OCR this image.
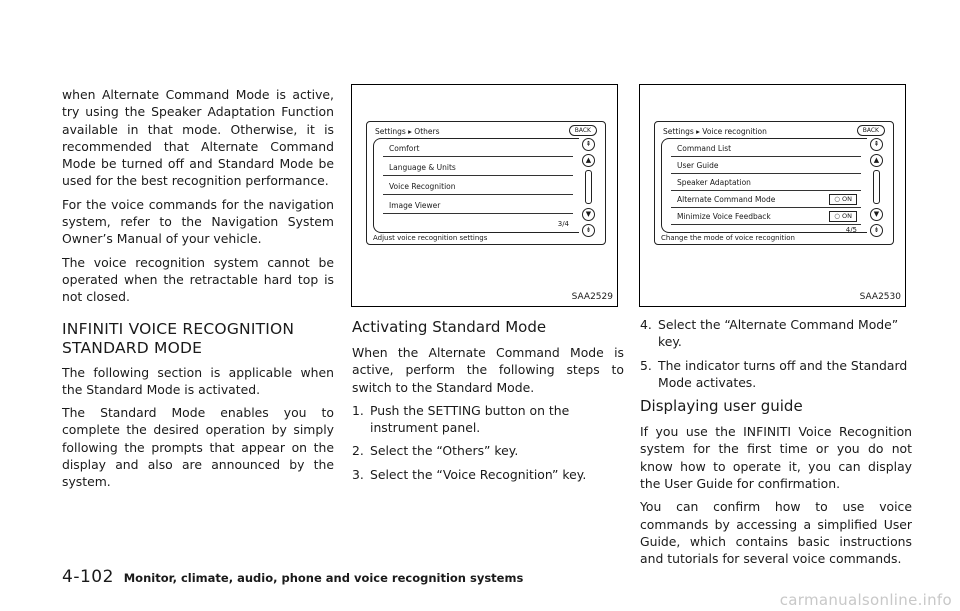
when Alternate Command Mode is active, try using the Speaker Adaptation Function available in that mode. Otherwise, it is recommended that Alternate Command Mode be turned off and Standard Mode be used for the best recognition performance.

For the voice commands for the navigation system, refer to the Navigation System Owner’s Manual of your vehicle.

The voice recognition system cannot be operated when the retractable hard top is not closed.

INFINITI VOICE RECOGNITION STANDARD MODE

The following section is applicable when the Standard Mode is activated.

The Standard Mode enables you to complete the desired operation by simply following the prompts that appear on the display and also are announced by the system.

Settings ▸ Others	BACK
Comfort
Language & Units
Voice Recognition
Image Viewer
3/4
Adjust voice recognition settings
⇞
▲
▼
⇟
SAA2529
Settings ▸ Voice recognition	BACK
Command List
User Guide
Speaker Adaptation
Alternate Command Mode	○ ON
Minimize Voice Feedback	○ ON
4/5
Change the mode of voice recognition
⇞
▲
▼
⇟
SAA2530
Activating Standard Mode

When the Alternate Command Mode is active, perform the following steps to switch to the Standard Mode.

1. Push the SETTING button on the instrument panel.
2. Select the “Others” key.
3. Select the “Voice Recognition” key.
4. Select the “Alternate Command Mode” key.
5. The indicator turns off and the Standard Mode activates.
Displaying user guide

If you use the INFINITI Voice Recognition system for the first time or you do not know how to operate it, you can display the User Guide for confirmation.

You can confirm how to use voice commands by accessing a simplified User Guide, which contains basic instructions and tutorials for several voice commands.

4-102 Monitor, climate, audio, phone and voice recognition systems
carmanualsonline.info
